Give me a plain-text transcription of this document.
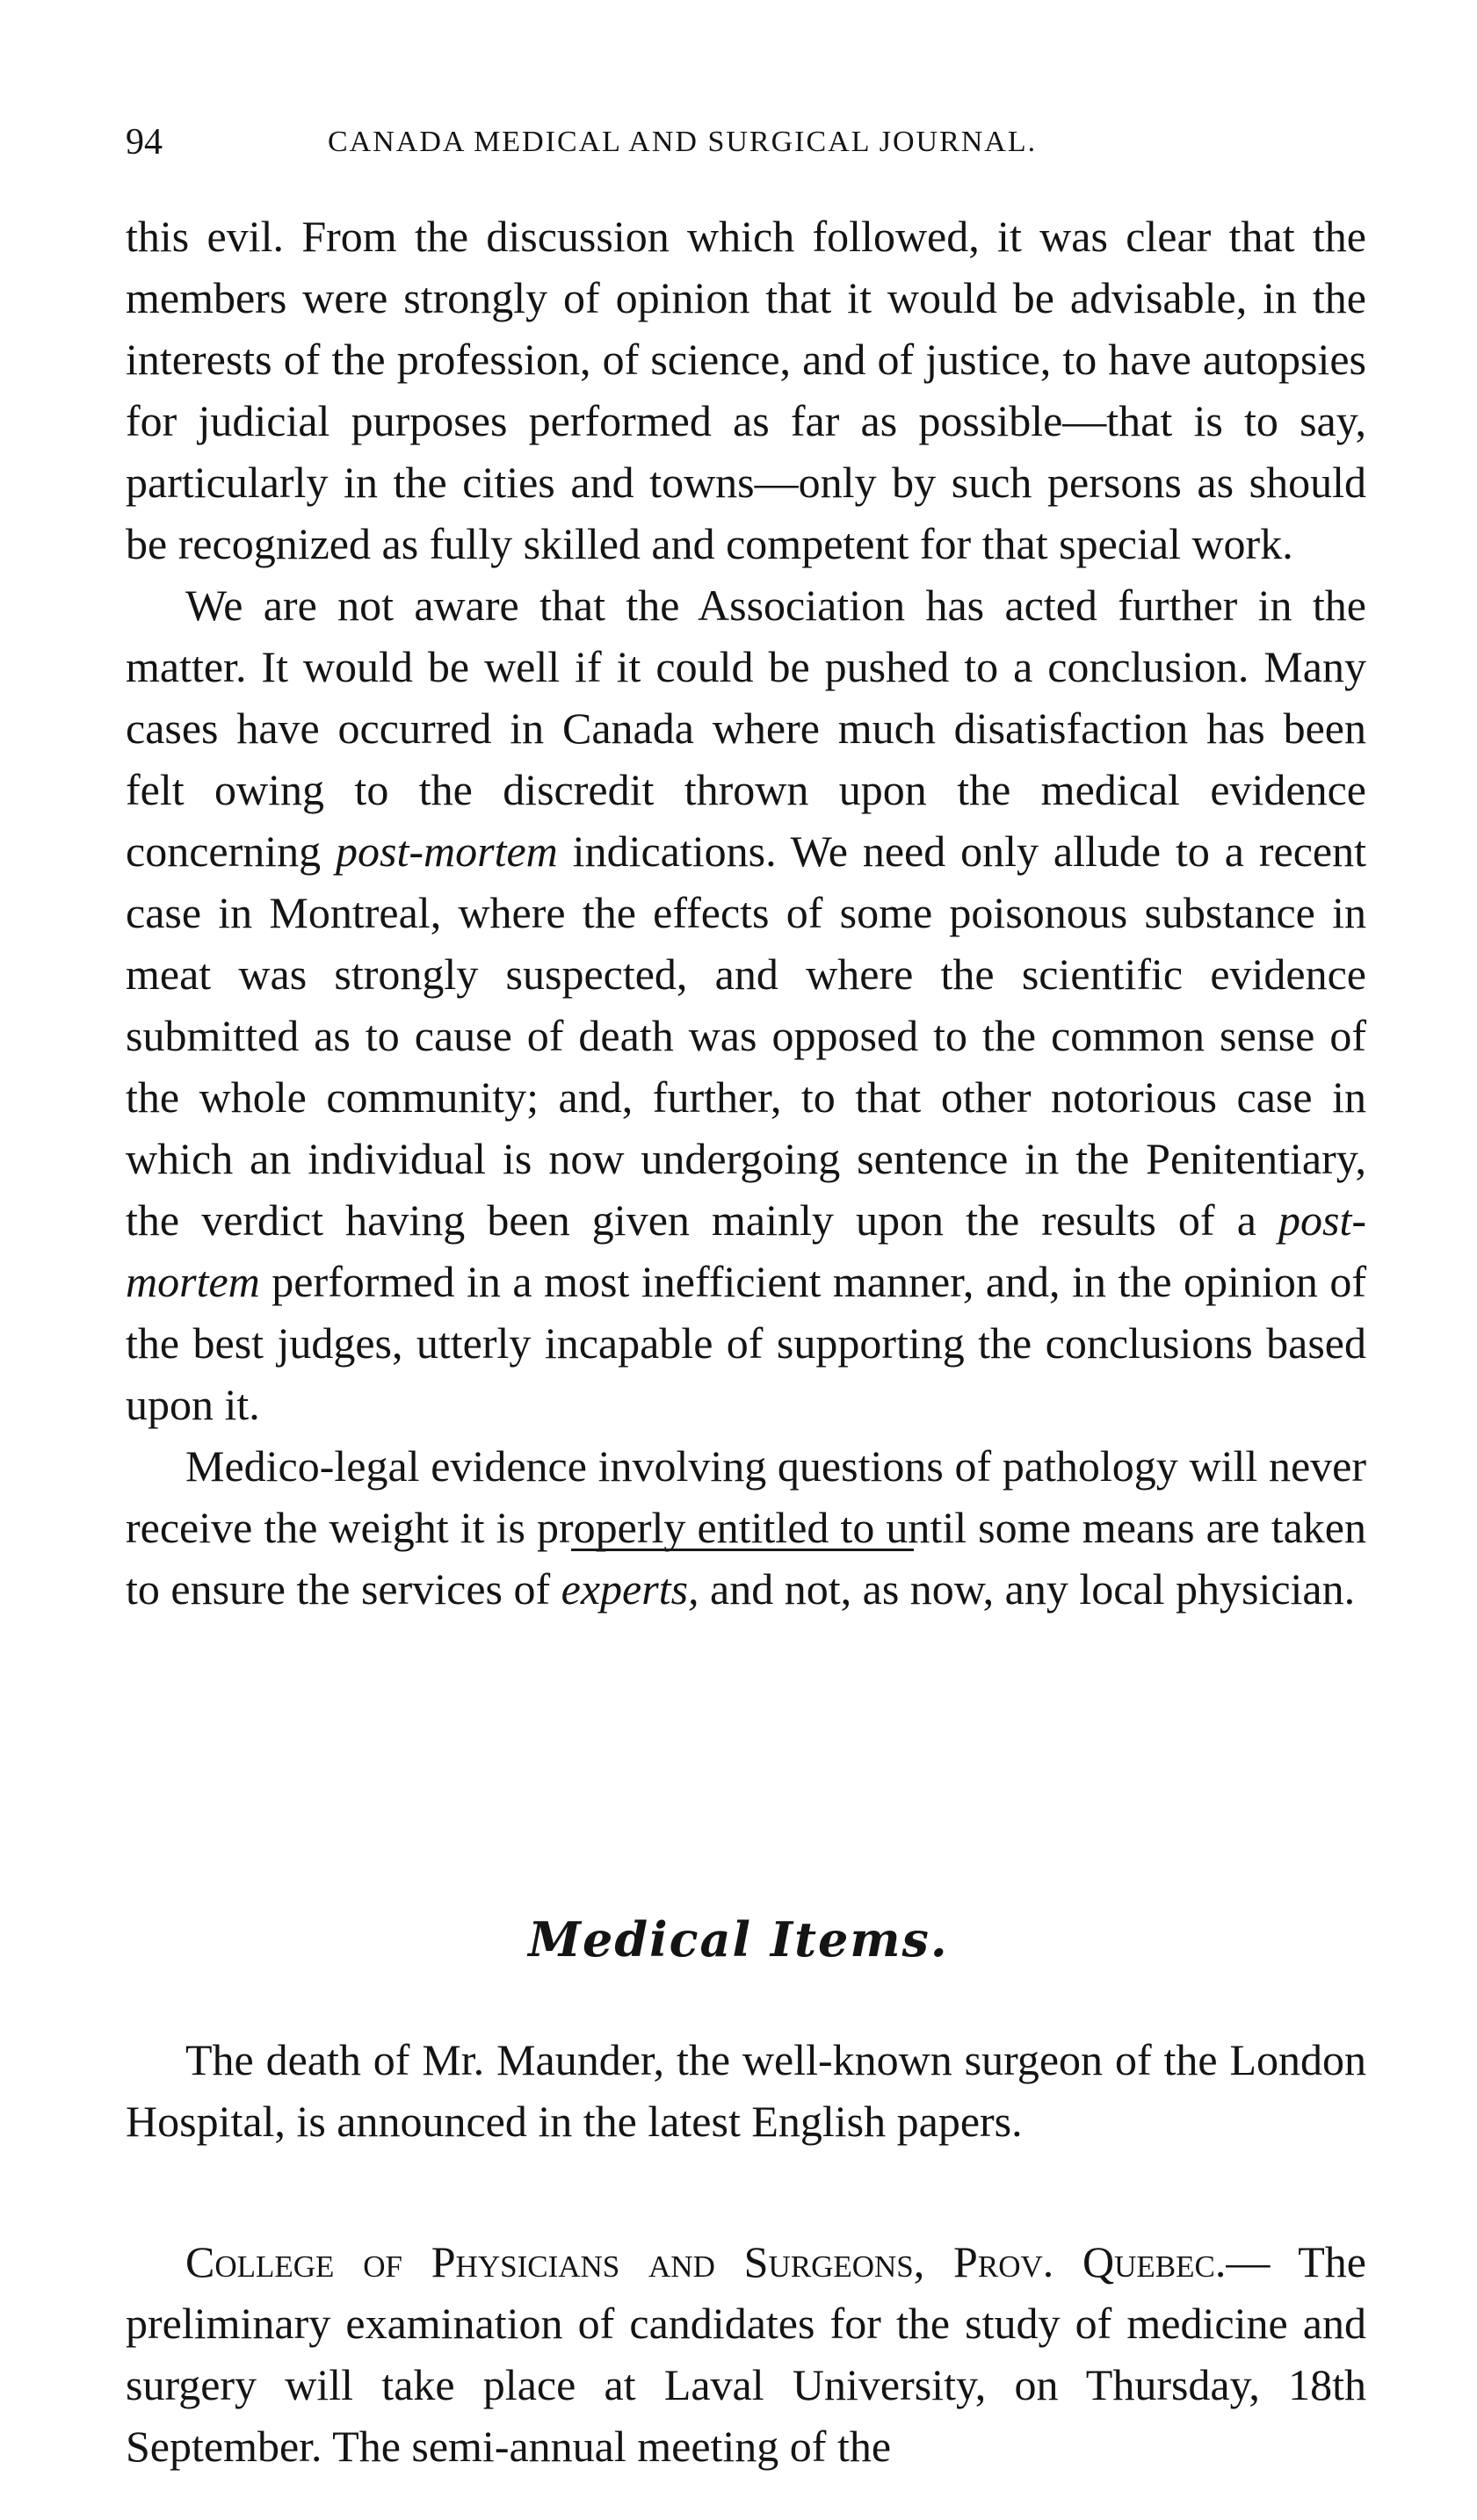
94	CANADA MEDICAL AND SURGICAL JOURNAL.

this evil. From the discussion which followed, it was clear that the members were strongly of opinion that it would be advisable, in the interests of the profession, of science, and of justice, to have autopsies for judicial purposes performed as far as possible—that is to say, particularly in the cities and towns—only by such persons as should be recognized as fully skilled and competent for that special work.

We are not aware that the Association has acted further in the matter. It would be well if it could be pushed to a conclusion. Many cases have occurred in Canada where much disatisfaction has been felt owing to the discredit thrown upon the medical evidence concerning post-mortem indications. We need only allude to a recent case in Montreal, where the effects of some poisonous substance in meat was strongly suspected, and where the scientific evidence submitted as to cause of death was opposed to the common sense of the whole community; and, further, to that other notorious case in which an individual is now undergoing sentence in the Penitentiary, the verdict having been given mainly upon the results of a post-mortem performed in a most inefficient manner, and, in the opinion of the best judges, utterly incapable of supporting the conclusions based upon it.

Medico-legal evidence involving questions of pathology will never receive the weight it is properly entitled to until some means are taken to ensure the services of experts, and not, as now, any local physician.

Medical Items.

The death of Mr. Maunder, the well-known surgeon of the London Hospital, is announced in the latest English papers.

College of Physicians and Surgeons, Prov. Quebec.— The preliminary examination of candidates for the study of medicine and surgery will take place at Laval University, on Thursday, 18th September. The semi-annual meeting of the
